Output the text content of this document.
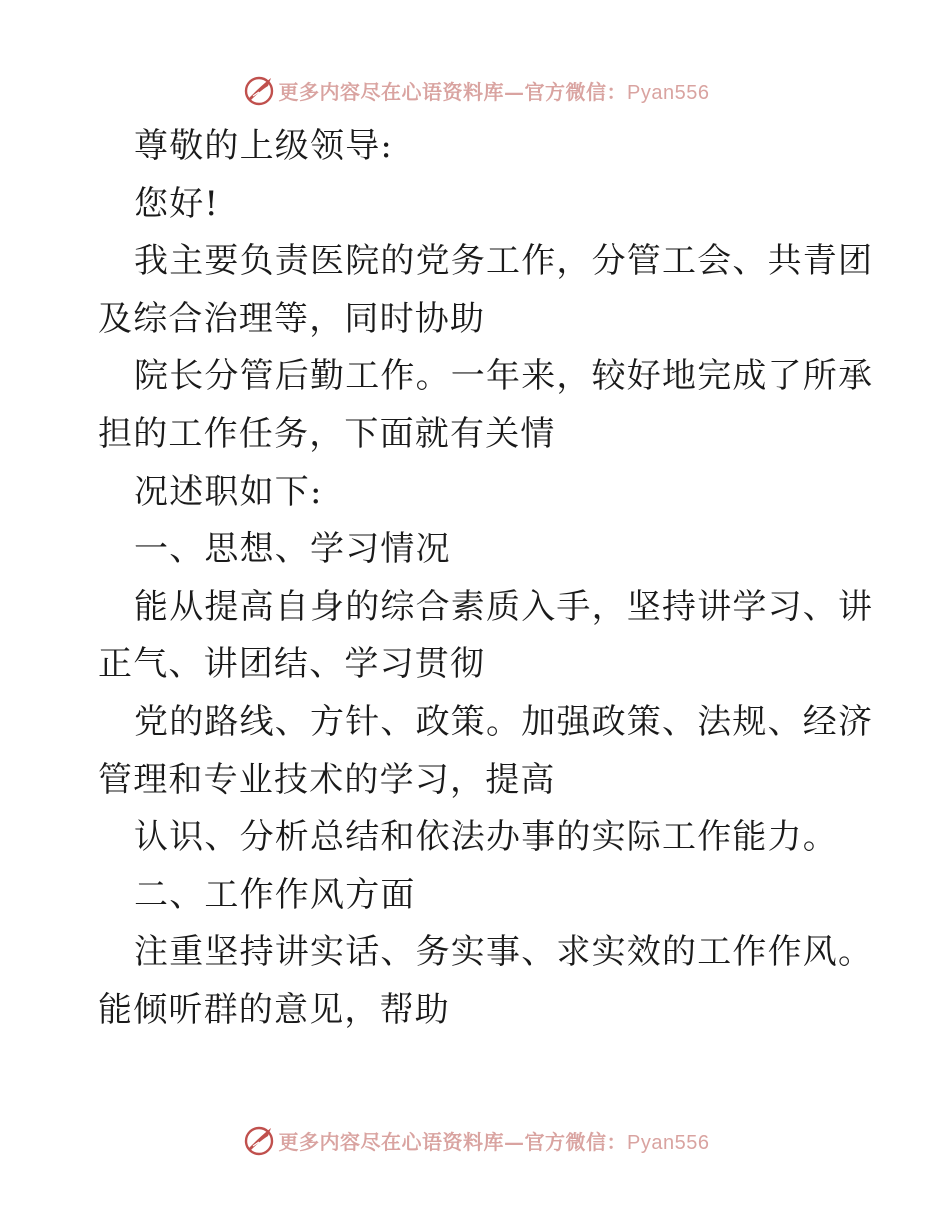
更多内容尽在心语资料库—官方微信：Pyan556

尊敬的上级领导:

您好!

我主要负责医院的党务工作，分管工会、共青团
及综合治理等，同时协助

院长分管后勤工作。一年来，较好地完成了所承
担的工作任务，下面就有关情

况述职如下:

一、思想、学习情况

能从提高自身的综合素质入手，坚持讲学习、讲
正气、讲团结、学习贯彻

党的路线、方针、政策。加强政策、法规、经济
管理和专业技术的学习，提高

认识、分析总结和依法办事的实际工作能力。

二、工作作风方面

注重坚持讲实话、务实事、求实效的工作作风。
能倾听群的意见，帮助

更多内容尽在心语资料库—官方微信：Pyan556
